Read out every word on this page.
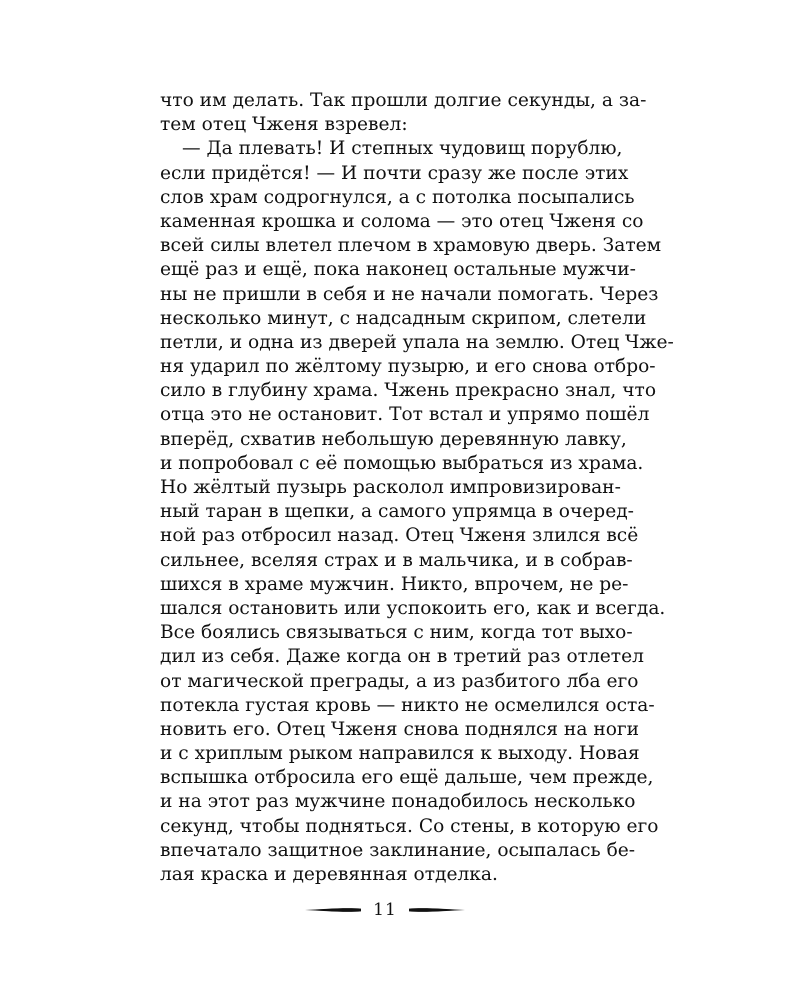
что им делать. Так прошли долгие секунды, а за-
тем отец Чженя взревел:
— Да плевать! И степных чудовищ порублю,
если придётся! — И почти сразу же после этих
слов храм содрогнулся, а с потолка посыпались
каменная крошка и солома — это отец Чженя со
всей силы влетел плечом в храмовую дверь. Затем
ещё раз и ещё, пока наконец остальные мужчи-
ны не пришли в себя и не начали помогать. Через
несколько минут, с надсадным скрипом, слетели
петли, и одна из дверей упала на землю. Отец Чже-
ня ударил по жёлтому пузырю, и его снова отбро-
сило в глубину храма. Чжень прекрасно знал, что
отца это не остановит. Тот встал и упрямо пошёл
вперёд, схватив небольшую деревянную лавку,
и попробовал с её помощью выбраться из храма.
Но жёлтый пузырь расколол импровизирован-
ный таран в щепки, а самого упрямца в очеред-
ной раз отбросил назад. Отец Чженя злился всё
сильнее, вселяя страх и в мальчика, и в собрав-
шихся в храме мужчин. Никто, впрочем, не ре-
шался остановить или успокоить его, как и всегда.
Все боялись связываться с ним, когда тот выхо-
дил из себя. Даже когда он в третий раз отлетел
от магической преграды, а из разбитого лба его
потекла густая кровь — никто не осмелился оста-
новить его. Отец Чженя снова поднялся на ноги
и с хриплым рыком направился к выходу. Новая
вспышка отбросила его ещё дальше, чем прежде,
и на этот раз мужчине понадобилось несколько
секунд, чтобы подняться. Со стены, в которую его
впечатало защитное заклинание, осыпалась бе-
лая краска и деревянная отделка.
11
